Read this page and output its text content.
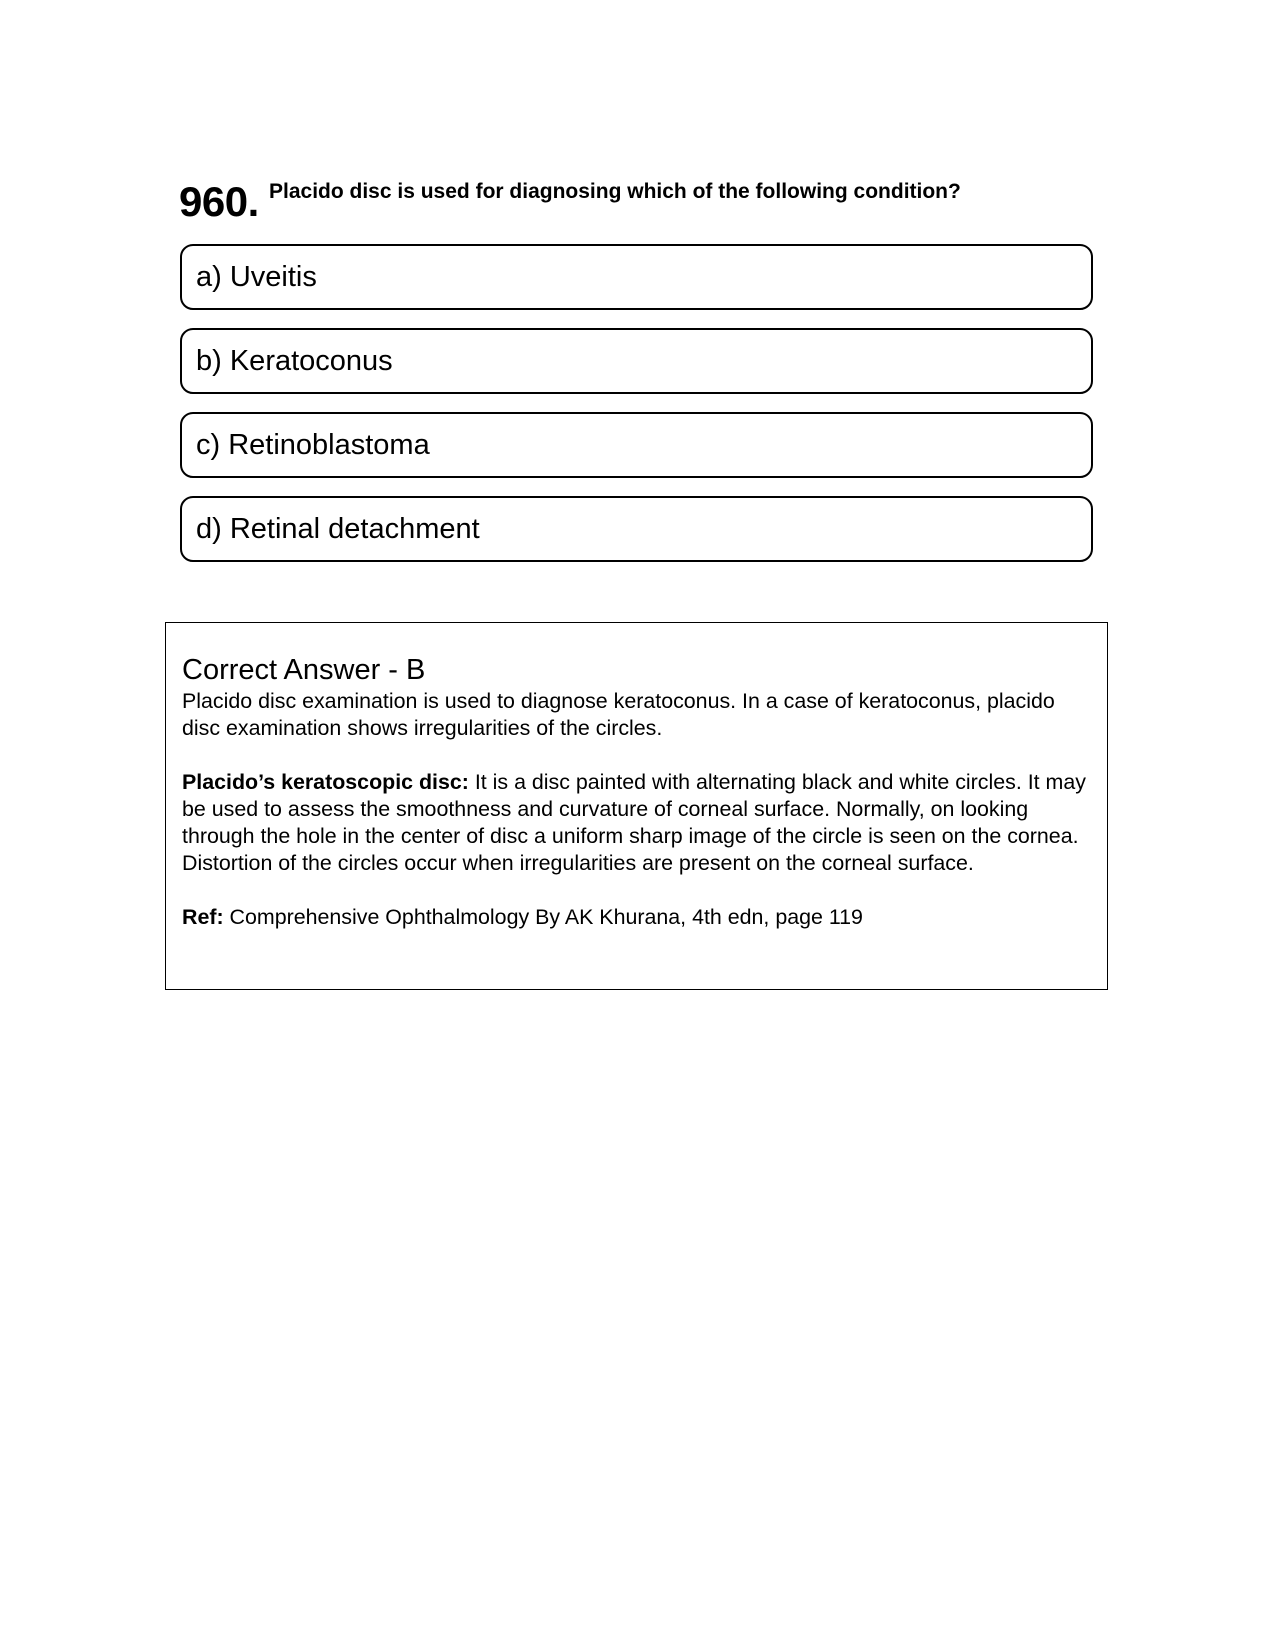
960. Placido disc is used for diagnosing which of the following condition?
a) Uveitis
b) Keratoconus
c) Retinoblastoma
d) Retinal detachment
Correct Answer - B

Placido disc examination is used to diagnose keratoconus. In a case of keratoconus, placido disc examination shows irregularities of the circles.

Placido’s keratoscopic disc: It is a disc painted with alternating black and white circles. It may be used to assess the smoothness and curvature of corneal surface. Normally, on looking through the hole in the center of disc a uniform sharp image of the circle is seen on the cornea. Distortion of the circles occur when irregularities are present on the corneal surface.

Ref: Comprehensive Ophthalmology By AK Khurana, 4th edn, page 119
